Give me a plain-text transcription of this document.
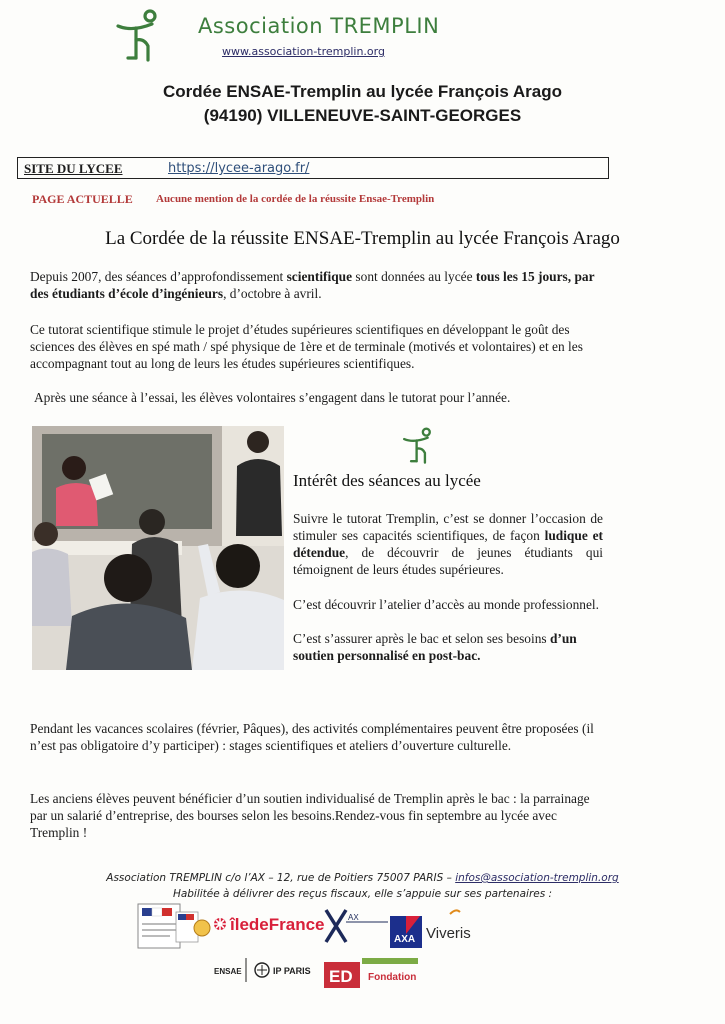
Association TREMPLIN
www.association-tremplin.org
Cordée ENSAE-Tremplin au lycée François Arago
(94190) VILLENEUVE-SAINT-GEORGES
SITE DU LYCEE	https://lycee-arago.fr/
PAGE ACTUELLE Aucune mention de la cordée de la réussite Ensae-Tremplin
La Cordée de la réussite ENSAE-Tremplin au lycée François Arago

Depuis 2007, des séances d’approfondissement scientifique sont données au lycée tous les 15 jours, par des étudiants d’école d’ingénieurs, d’octobre à avril.

Ce tutorat scientifique stimule le projet d’études supérieures scientifiques en développant le goût des sciences des élèves en spé math / spé physique de 1ère et de terminale (motivés et volontaires) et en les accompagnant tout au long de leurs les études supérieures scientifiques.

Après une séance à l’essai, les élèves volontaires s’engagent dans le tutorat pour l’année.

Intérêt des séances au lycée

Suivre le tutorat Tremplin, c’est se donner l’occasion de stimuler ses capacités scientifiques, de façon ludique et détendue, de découvrir de jeunes étudiants qui témoignent de leurs études supérieures.

C’est découvrir l’atelier d’accès au monde professionnel.

C’est s’assurer après le bac et selon ses besoins d’un soutien personnalisé en post-bac.

Pendant les vacances scolaires (février, Pâques), des activités complémentaires peuvent être proposées (il n’est pas obligatoire d’y participer) : stages scientifiques et ateliers d’ouverture culturelle.

Les anciens élèves peuvent bénéficier d’un soutien individualisé de Tremplin après le bac : la parrainage par un salarié d’entreprise, des bourses selon les besoins.Rendez-vous fin septembre au lycée avec Tremplin !

Association TREMPLIN c/o l’AX – 12, rue de Poitiers 75007 PARIS – infos@association-tremplin.org
Habilitée à délivrer des reçus fiscaux, elle s’appuie sur ses partenaires :
îledeFrance	AX
AXA Viveris
ENSAE	IP PARIS ED Fondation
